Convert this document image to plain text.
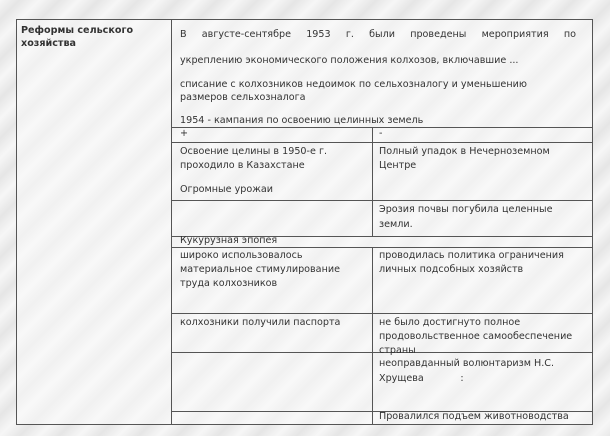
Реформы сельского
хозяйства
В августе-сентябре 1953 г. были проведены мероприятия по
укреплению экономического положения колхозов, включавшие ...
списание с колхозников недоимок по сельхозналогу и уменьшению
размеров сельхозналога
1954 - кампания по освоению целинных земель
+	-
Освоение целины в 1950-е г.
проходило в Казахстане
Огромные урожаи
Полный упадок в Нечерноземном
Центре
Эрозия почвы погубила целенные
земли.
Кукурузная эпопея
широко использовалось
материальное стимулирование
труда колхозников
проводилась политика ограничения
личных подсобных хозяйств
колхозники получили паспорта	не было достигнуто полное
продовольственное самообеспечение
страны
неоправданный волюнтаризм Н.С.
Хрущева            :
Провалился подъем животноводства
